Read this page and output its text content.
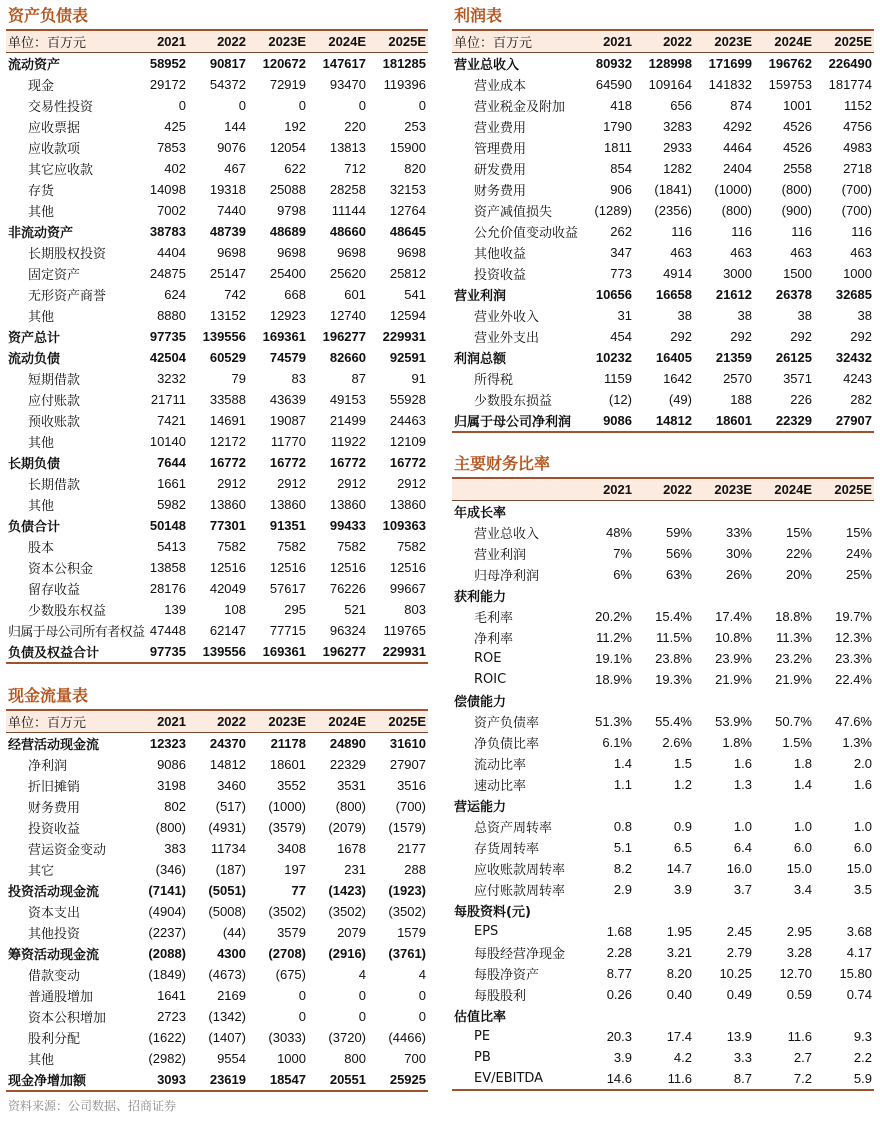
资产负债表
单位：百万元	2021	2022	2023E	2024E	2025E
流动资产	58952	90817	120672	147617	181285
现金	29172	54372	72919	93470	119396
交易性投资	0	0	0	0	0
应收票据	425	144	192	220	253
应收款项	7853	9076	12054	13813	15900
其它应收款	402	467	622	712	820
存货	14098	19318	25088	28258	32153
其他	7002	7440	9798	11144	12764
非流动资产	38783	48739	48689	48660	48645
长期股权投资	4404	9698	9698	9698	9698
固定资产	24875	25147	25400	25620	25812
无形资产商誉	624	742	668	601	541
其他	8880	13152	12923	12740	12594
资产总计	97735	139556	169361	196277	229931
流动负债	42504	60529	74579	82660	92591
短期借款	3232	79	83	87	91
应付账款	21711	33588	43639	49153	55928
预收账款	7421	14691	19087	21499	24463
其他	10140	12172	11770	11922	12109
长期负债	7644	16772	16772	16772	16772
长期借款	1661	2912	2912	2912	2912
其他	5982	13860	13860	13860	13860
负债合计	50148	77301	91351	99433	109363
股本	5413	7582	7582	7582	7582
资本公积金	13858	12516	12516	12516	12516
留存收益	28176	42049	57617	76226	99667
少数股东权益	139	108	295	521	803
归属于母公司所有者权益	47448	62147	77715	96324	119765
负债及权益合计	97735	139556	169361	196277	229931
现金流量表
单位：百万元	2021	2022	2023E	2024E	2025E
经营活动现金流	12323	24370	21178	24890	31610
净利润	9086	14812	18601	22329	27907
折旧摊销	3198	3460	3552	3531	3516
财务费用	802	(517)	(1000)	(800)	(700)
投资收益	(800)	(4931)	(3579)	(2079)	(1579)
营运资金变动	383	11734	3408	1678	2177
其它	(346)	(187)	197	231	288
投资活动现金流	(7141)	(5051)	77	(1423)	(1923)
资本支出	(4904)	(5008)	(3502)	(3502)	(3502)
其他投资	(2237)	(44)	3579	2079	1579
筹资活动现金流	(2088)	4300	(2708)	(2916)	(3761)
借款变动	(1849)	(4673)	(675)	4	4
普通股增加	1641	2169	0	0	0
资本公积增加	2723	(1342)	0	0	0
股利分配	(1622)	(1407)	(3033)	(3720)	(4466)
其他	(2982)	9554	1000	800	700
现金净增加额	3093	23619	18547	20551	25925
利润表
单位：百万元	2021	2022	2023E	2024E	2025E
营业总收入	80932	128998	171699	196762	226490
营业成本	64590	109164	141832	159753	181774
营业税金及附加	418	656	874	1001	1152
营业费用	1790	3283	4292	4526	4756
管理费用	1811	2933	4464	4526	4983
研发费用	854	1282	2404	2558	2718
财务费用	906	(1841)	(1000)	(800)	(700)
资产减值损失	(1289)	(2356)	(800)	(900)	(700)
公允价值变动收益	262	116	116	116	116
其他收益	347	463	463	463	463
投资收益	773	4914	3000	1500	1000
营业利润	10656	16658	21612	26378	32685
营业外收入	31	38	38	38	38
营业外支出	454	292	292	292	292
利润总额	10232	16405	21359	26125	32432
所得税	1159	1642	2570	3571	4243
少数股东损益	(12)	(49)	188	226	282
归属于母公司净利润	9086	14812	18601	22329	27907
主要财务比率
	2021	2022	2023E	2024E	2025E
年成长率					
营业总收入	48%	59%	33%	15%	15%
营业利润	7%	56%	30%	22%	24%
归母净利润	6%	63%	26%	20%	25%
获利能力					
毛利率	20.2%	15.4%	17.4%	18.8%	19.7%
净利率	11.2%	11.5%	10.8%	11.3%	12.3%
ROE	19.1%	23.8%	23.9%	23.2%	23.3%
ROIC	18.9%	19.3%	21.9%	21.9%	22.4%
偿债能力					
资产负债率	51.3%	55.4%	53.9%	50.7%	47.6%
净负债比率	6.1%	2.6%	1.8%	1.5%	1.3%
流动比率	1.4	1.5	1.6	1.8	2.0
速动比率	1.1	1.2	1.3	1.4	1.6
营运能力					
总资产周转率	0.8	0.9	1.0	1.0	1.0
存货周转率	5.1	6.5	6.4	6.0	6.0
应收账款周转率	8.2	14.7	16.0	15.0	15.0
应付账款周转率	2.9	3.9	3.7	3.4	3.5
每股资料(元)					
EPS	1.68	1.95	2.45	2.95	3.68
每股经营净现金	2.28	3.21	2.79	3.28	4.17
每股净资产	8.77	8.20	10.25	12.70	15.80
每股股利	0.26	0.40	0.49	0.59	0.74
估值比率					
PE	20.3	17.4	13.9	11.6	9.3
PB	3.9	4.2	3.3	2.7	2.2
EV/EBITDA	14.6	11.6	8.7	7.2	5.9
资料来源：公司数据、招商证券
